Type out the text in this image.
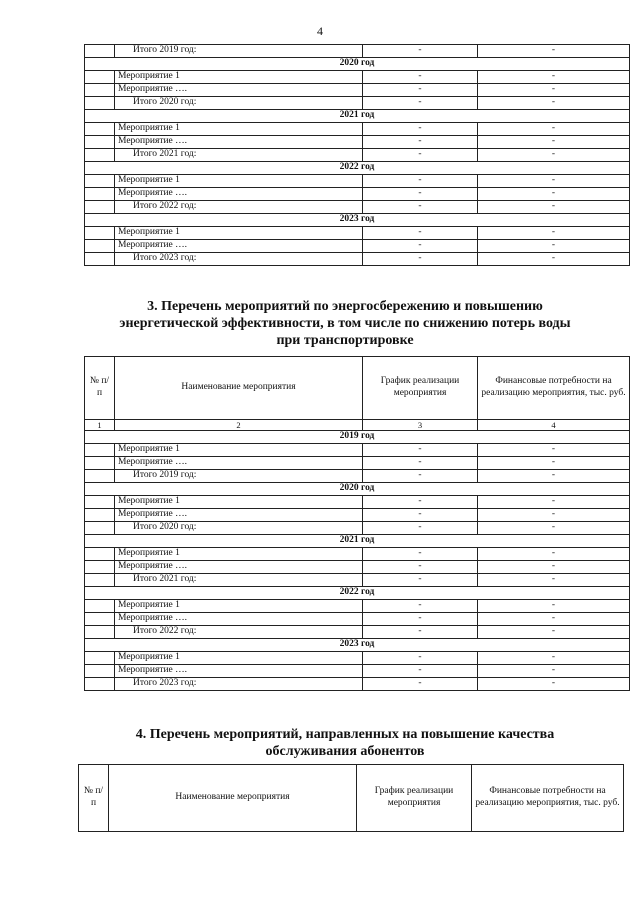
4
	Итого 2019 год:	-	-
2020 год			
	Мероприятие 1	-	-
	Мероприятие ….	-	-
	Итого 2020 год:	-	-
2021 год			
	Мероприятие 1	-	-
	Мероприятие ….	-	-
	Итого 2021 год:	-	-
2022 год			
	Мероприятие 1	-	-
	Мероприятие ….	-	-
	Итого 2022 год:	-	-
2023 год			
	Мероприятие 1	-	-
	Мероприятие ….	-	-
	Итого 2023 год:	-	-
3. Перечень мероприятий по энергосбережению и повышению
энергетической эффективности, в том числе по снижению потерь воды
при транспортировке
№ п/п	Наименование мероприятия	График реализации мероприятия	Финансовые потребности на реализацию мероприятия, тыс. руб.
1	2	3	4
2019 год			
	Мероприятие 1	-	-
	Мероприятие ….	-	-
	Итого 2019 год:	-	-
2020 год			
	Мероприятие 1	-	-
	Мероприятие ….	-	-
	Итого 2020 год:	-	-
2021 год			
	Мероприятие 1	-	-
	Мероприятие ….	-	-
	Итого 2021 год:	-	-
2022 год			
	Мероприятие 1	-	-
	Мероприятие ….	-	-
	Итого 2022 год:	-	-
2023 год			
	Мероприятие 1	-	-
	Мероприятие ….	-	-
	Итого 2023 год:	-	-
4. Перечень мероприятий, направленных на повышение качества
обслуживания абонентов
№ п/п	Наименование мероприятия	График реализации мероприятия	Финансовые потребности на реализацию мероприятия, тыс. руб.
